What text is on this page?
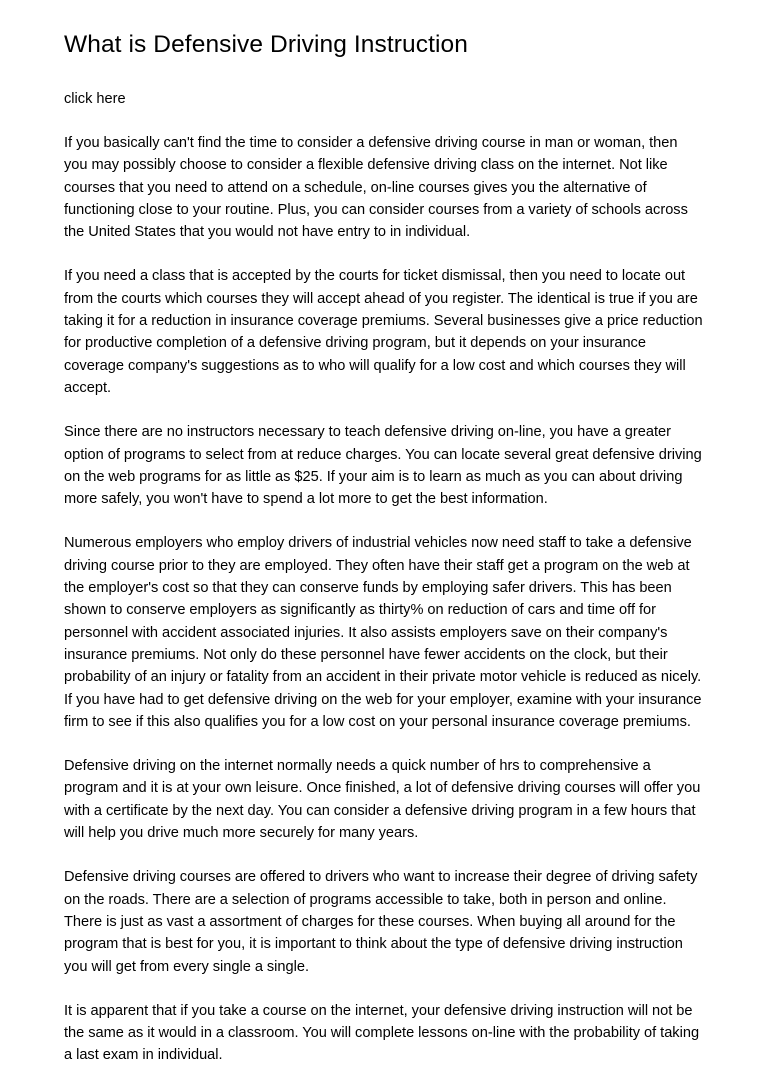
What is Defensive Driving Instruction

click here

If you basically can't find the time to consider a defensive driving course in man or woman, then you may possibly choose to consider a flexible defensive driving class on the internet. Not like courses that you need to attend on a schedule, on-line courses gives you the alternative of functioning close to your routine. Plus, you can consider courses from a variety of schools across the United States that you would not have entry to in individual.

If you need a class that is accepted by the courts for ticket dismissal, then you need to locate out from the courts which courses they will accept ahead of you register. The identical is true if you are taking it for a reduction in insurance coverage premiums. Several businesses give a price reduction for productive completion of a defensive driving program, but it depends on your insurance coverage company's suggestions as to who will qualify for a low cost and which courses they will accept.

Since there are no instructors necessary to teach defensive driving on-line, you have a greater option of programs to select from at reduce charges. You can locate several great defensive driving on the web programs for as little as $25. If your aim is to learn as much as you can about driving more safely, you won't have to spend a lot more to get the best information.

Numerous employers who employ drivers of industrial vehicles now need staff to take a defensive driving course prior to they are employed. They often have their staff get a program on the web at the employer's cost so that they can conserve funds by employing safer drivers. This has been shown to conserve employers as significantly as thirty% on reduction of cars and time off for personnel with accident associated injuries. It also assists employers save on their company's insurance premiums. Not only do these personnel have fewer accidents on the clock, but their probability of an injury or fatality from an accident in their private motor vehicle is reduced as nicely. If you have had to get defensive driving on the web for your employer, examine with your insurance firm to see if this also qualifies you for a low cost on your personal insurance coverage premiums.

Defensive driving on the internet normally needs a quick number of hrs to comprehensive a program and it is at your own leisure. Once finished, a lot of defensive driving courses will offer you with a certificate by the next day. You can consider a defensive driving program in a few hours that will help you drive much more securely for many years.

Defensive driving courses are offered to drivers who want to increase their degree of driving safety on the roads. There are a selection of programs accessible to take, both in person and online. There is just as vast a assortment of charges for these courses. When buying all around for the program that is best for you, it is important to think about the type of defensive driving instruction you will get from every single a single.

It is apparent that if you take a course on the internet, your defensive driving instruction will not be the same as it would in a classroom. You will complete lessons on-line with the probability of taking a last exam in individual.
